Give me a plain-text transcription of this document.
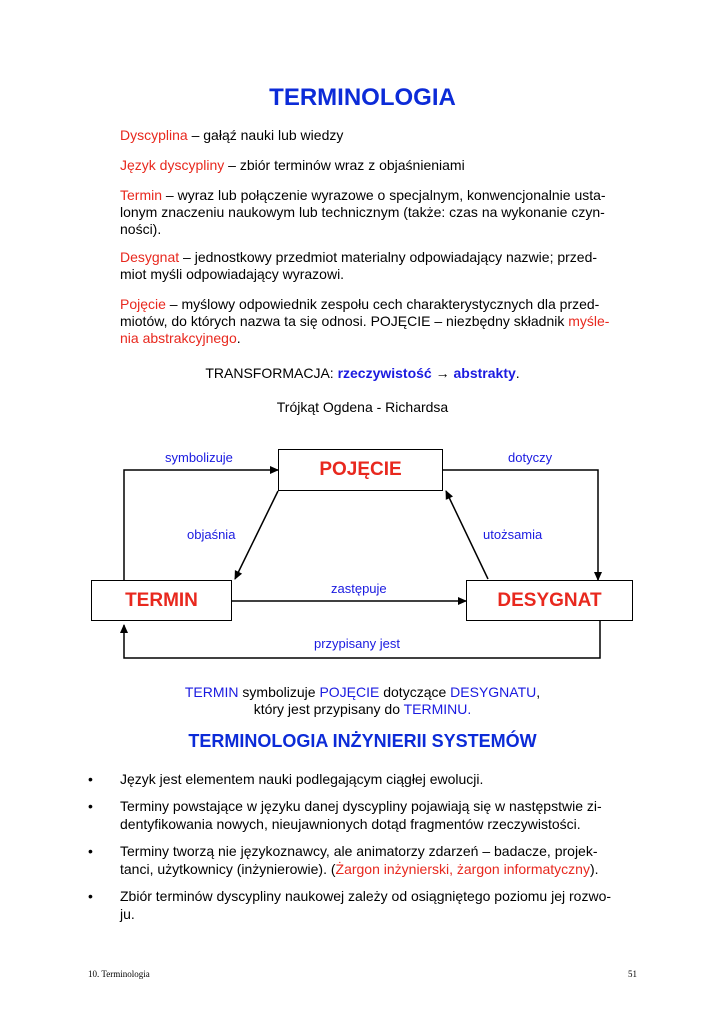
TERMINOLOGIA

Dyscyplina – gałąź nauki lub wiedzy

Język dyscypliny – zbiór terminów wraz z objaśnieniami

Termin – wyraz lub połączenie wyrazowe o specjalnym, konwencjonalnie usta-
lonym znaczeniu naukowym lub technicznym (także: czas na wykonanie czyn-
ności).

Desygnat – jednostkowy przedmiot materialny odpowiadający nazwie; przed-
miot myśli odpowiadający wyrazowi.

Pojęcie – myślowy odpowiednik zespołu cech charakterystycznych dla przed-
miotów, do których nazwa ta się odnosi. POJĘCIE – niezbędny składnik myśle-
nia abstrakcyjnego.

TRANSFORMACJA: rzeczywistość → abstrakty.

Trójkąt Ogdena - Richardsa

POJĘCIE
TERMIN	DESYGNAT
symbolizuje	dotyczy
objaśnia	utożsamia
zastępuje
przypisany jest

TERMIN symbolizuje POJĘCIE dotyczące DESYGNATU,
który jest przypisany do TERMINU.

TERMINOLOGIA INŻYNIERII SYSTEMÓW
• Język jest elementem nauki podlegającym ciągłej ewolucji.
• Terminy powstające w języku danej dyscypliny pojawiają się w następstwie zi-
dentyfikowania nowych, nieujawnionych dotąd fragmentów rzeczywistości.
• Terminy tworzą nie językoznawcy, ale animatorzy zdarzeń – badacze, projek-
tanci, użytkownicy (inżynierowie). (Żargon inżynierski, żargon informatyczny).
• Zbiór terminów dyscypliny naukowej zależy od osiągniętego poziomu jej rozwo-
ju.
10. Terminologia	51
